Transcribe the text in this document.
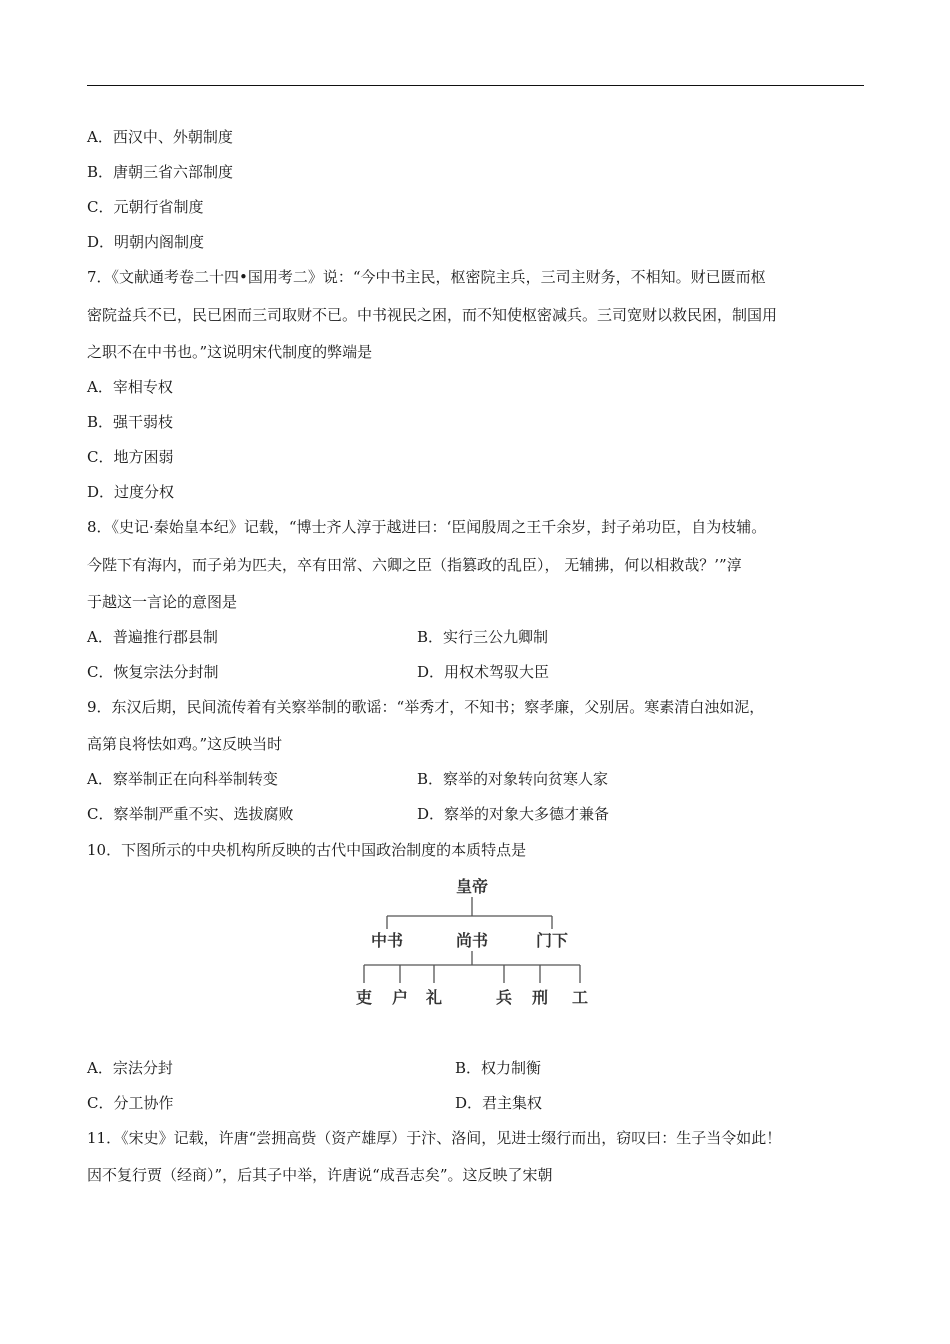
A．西汉中、外朝制度
B．唐朝三省六部制度
C．元朝行省制度
D．明朝内阁制度
7．《文献通考卷二十四•国用考二》说：“今中书主民，枢密院主兵，三司主财务，不相知。财已匮而枢
密院益兵不已，民已困而三司取财不已。中书视民之困，而不知使枢密减兵。三司宽财以救民困，制国用
之职不在中书也。”这说明宋代制度的弊端是
A．宰相专权
B．强干弱枝
C．地方困弱
D．过度分权
8．《史记·秦始皇本纪》记载，“博士齐人淳于越进曰：‘臣闻殷周之王千余岁，封子弟功臣，自为枝辅。
今陛下有海内，而子弟为匹夫，卒有田常、六卿之臣（指篡政的乱臣）， 无辅拂，何以相救哉？’”淳
于越这一言论的意图是
A．普遍推行郡县制	B．实行三公九卿制
C．恢复宗法分封制	D．用权术驾驭大臣
9．东汉后期，民间流传着有关察举制的歌谣：“举秀才，不知书；察孝廉，父别居。寒素清白浊如泥，
高第良将怯如鸡。”这反映当时
A．察举制正在向科举制转变	B．察举的对象转向贫寒人家
C．察举制严重不实、选拔腐败	D．察举的对象大多德才兼备
10．下图所示的中央机构所反映的古代中国政治制度的本质特点是
皇帝
中书	尚书	门下
吏 户 礼	兵 刑 工
A．宗法分封	B．权力制衡
C．分工协作	D．君主集权
11．《宋史》记载，许唐“尝拥高赀（资产雄厚）于汴、洛间，见进士缀行而出，窃叹曰：生子当令如此！
因不复行贾（经商）”，后其子中举，许唐说“成吾志矣”。这反映了宋朝
